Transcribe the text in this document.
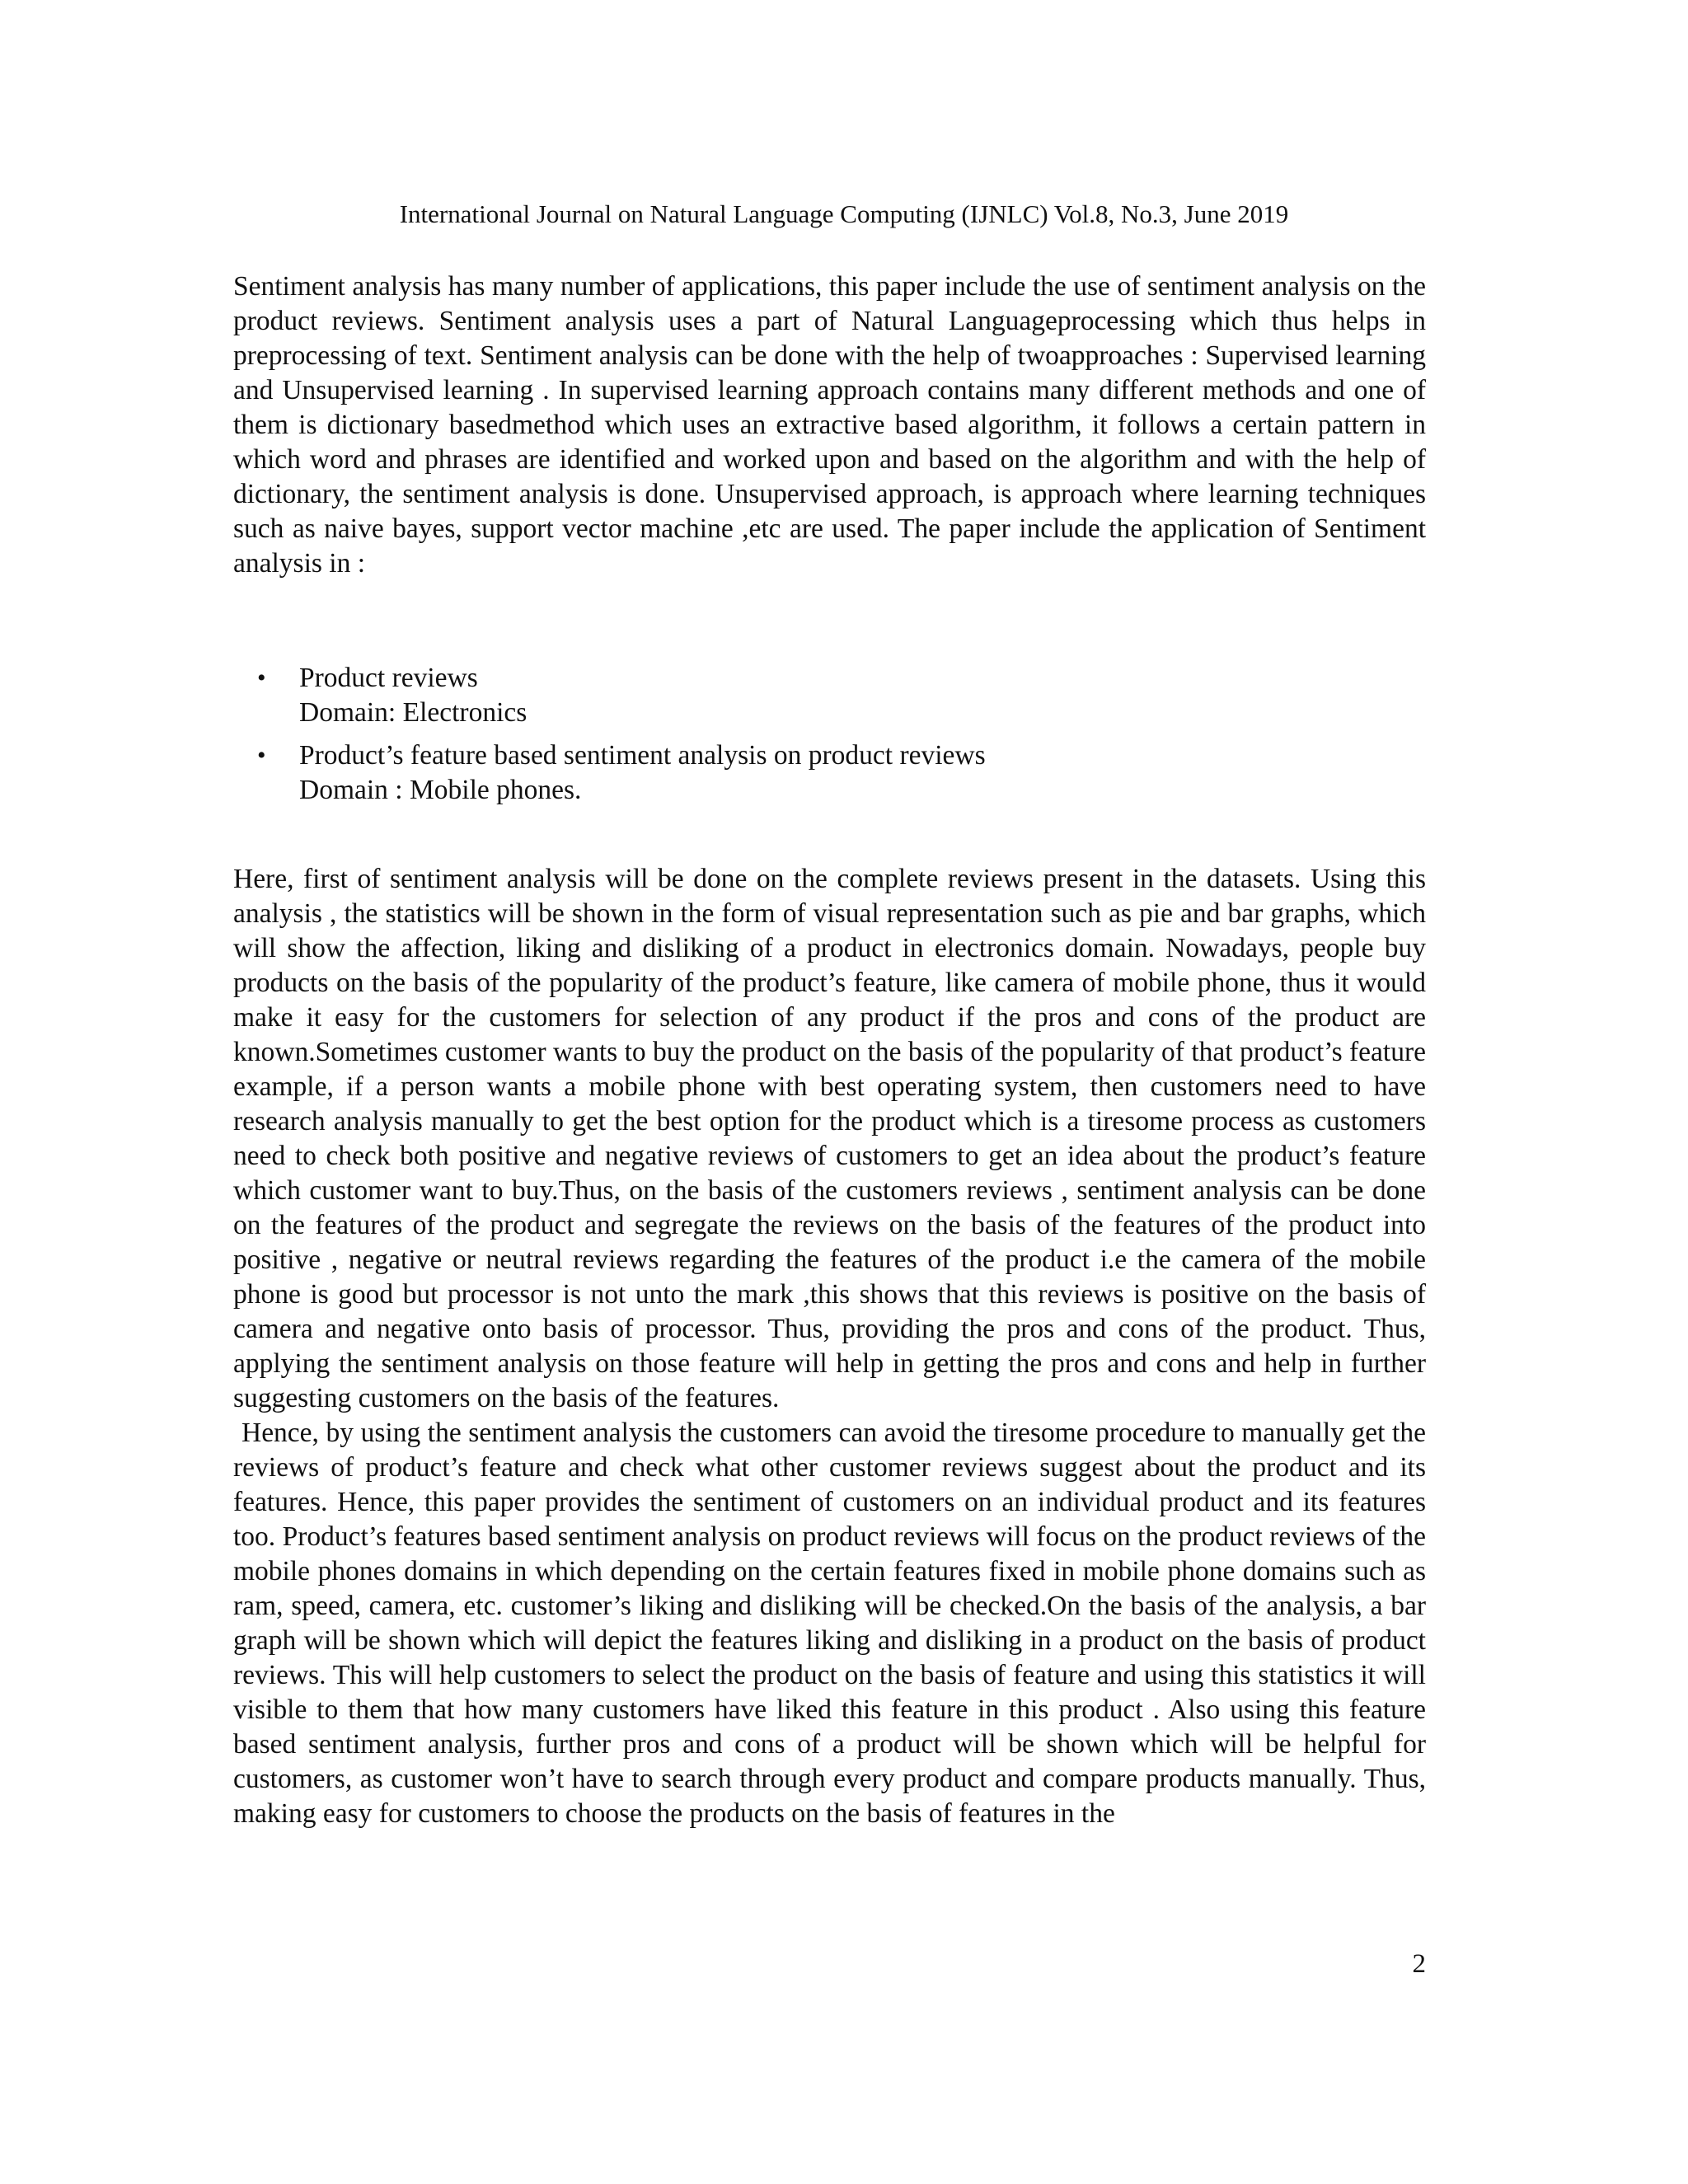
International Journal on Natural Language Computing (IJNLC) Vol.8, No.3, June 2019

Sentiment analysis has many number of applications, this paper include the use of sentiment analysis on the product reviews. Sentiment analysis uses a part of Natural Languageprocessing which thus helps in preprocessing of text. Sentiment analysis can be done with the help of twoapproaches : Supervised learning and Unsupervised learning . In supervised learning approach contains many different methods and one of them is dictionary basedmethod which uses an extractive based algorithm, it follows a certain pattern in which word and phrases are identified and worked upon and based on the algorithm and with the help of dictionary, the sentiment analysis is done. Unsupervised approach, is approach where learning techniques such as naive bayes, support vector machine ,etc are used. The paper include the application of Sentiment analysis in :

• Product reviews
Domain: Electronics
• Product’s feature based sentiment analysis on product reviews
Domain : Mobile phones.

Here, first of sentiment analysis will be done on the complete reviews present in the datasets. Using this analysis , the statistics will be shown in the form of visual representation such as pie and bar graphs, which will show the affection, liking and disliking of a product in electronics domain. Nowadays, people buy products on the basis of the popularity of the product’s feature, like camera of mobile phone, thus it would make it easy for the customers for selection of any product if the pros and cons of the product are known.Sometimes customer wants to buy the product on the basis of the popularity of that product’s feature example, if a person wants a mobile phone with best operating system, then customers need to have research analysis manually to get the best option for the product which is a tiresome process as customers need to check both positive and negative reviews of customers to get an idea about the product’s feature which customer want to buy.Thus, on the basis of the customers reviews , sentiment analysis can be done on the features of the product and segregate the reviews on the basis of the features of the product into positive , negative or neutral reviews regarding the features of the product i.e the camera of the mobile phone is good but processor is not unto the mark ,this shows that this reviews is positive on the basis of camera and negative onto basis of processor. Thus, providing the pros and cons of the product. Thus, applying the sentiment analysis on those feature will help in getting the pros and cons and help in further suggesting customers on the basis of the features.

Hence, by using the sentiment analysis the customers can avoid the tiresome procedure to manually get the reviews of product’s feature and check what other customer reviews suggest about the product and its features. Hence, this paper provides the sentiment of customers on an individual product and its features too. Product’s features based sentiment analysis on product reviews will focus on the product reviews of the mobile phones domains in which depending on the certain features fixed in mobile phone domains such as ram, speed, camera, etc. customer’s liking and disliking will be checked.On the basis of the analysis, a bar graph will be shown which will depict the features liking and disliking in a product on the basis of product reviews. This will help customers to select the product on the basis of feature and using this statistics it will visible to them that how many customers have liked this feature in this product . Also using this feature based sentiment analysis, further pros and cons of a product will be shown which will be helpful for customers, as customer won’t have to search through every product and compare products manually. Thus, making easy for customers to choose the products on the basis of features in the

2
